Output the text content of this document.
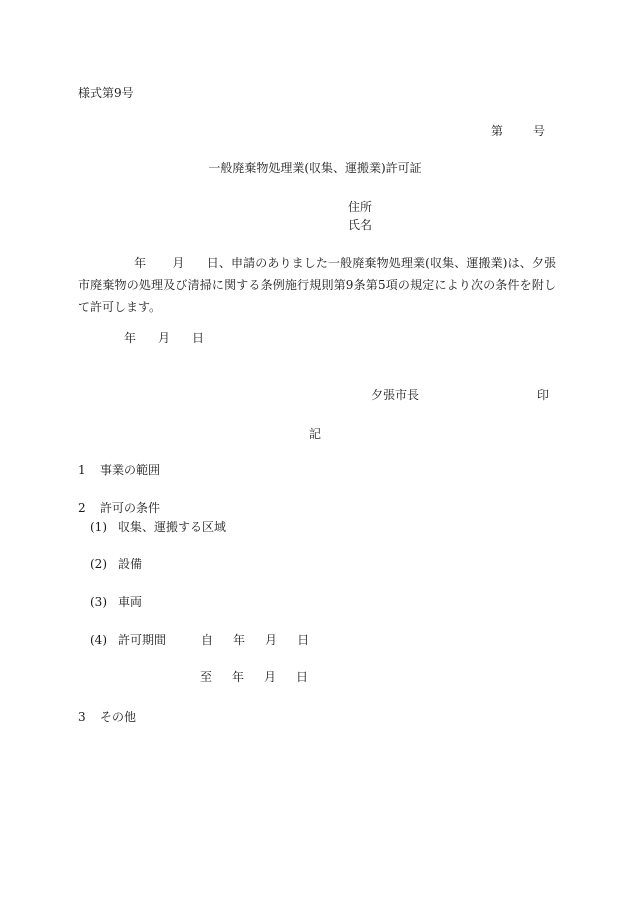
様式第9号
第	号
一般廃棄物処理業(収集、運搬業)許可証
住所
氏名
年 月 日、申請のありました一般廃棄物処理業(収集、運搬業)は、夕張市廃棄物の処理及び清掃に関する条例施行規則第9条第5項の規定により次の条件を附して許可します。
年 月 日
夕張市長	印
記
1 事業の範囲
2 許可の条件
(1) 収集、運搬する区域
(2) 設備
(3) 車両
(4) 許可期間	自 年 月 日
至 年 月 日
3 その他
